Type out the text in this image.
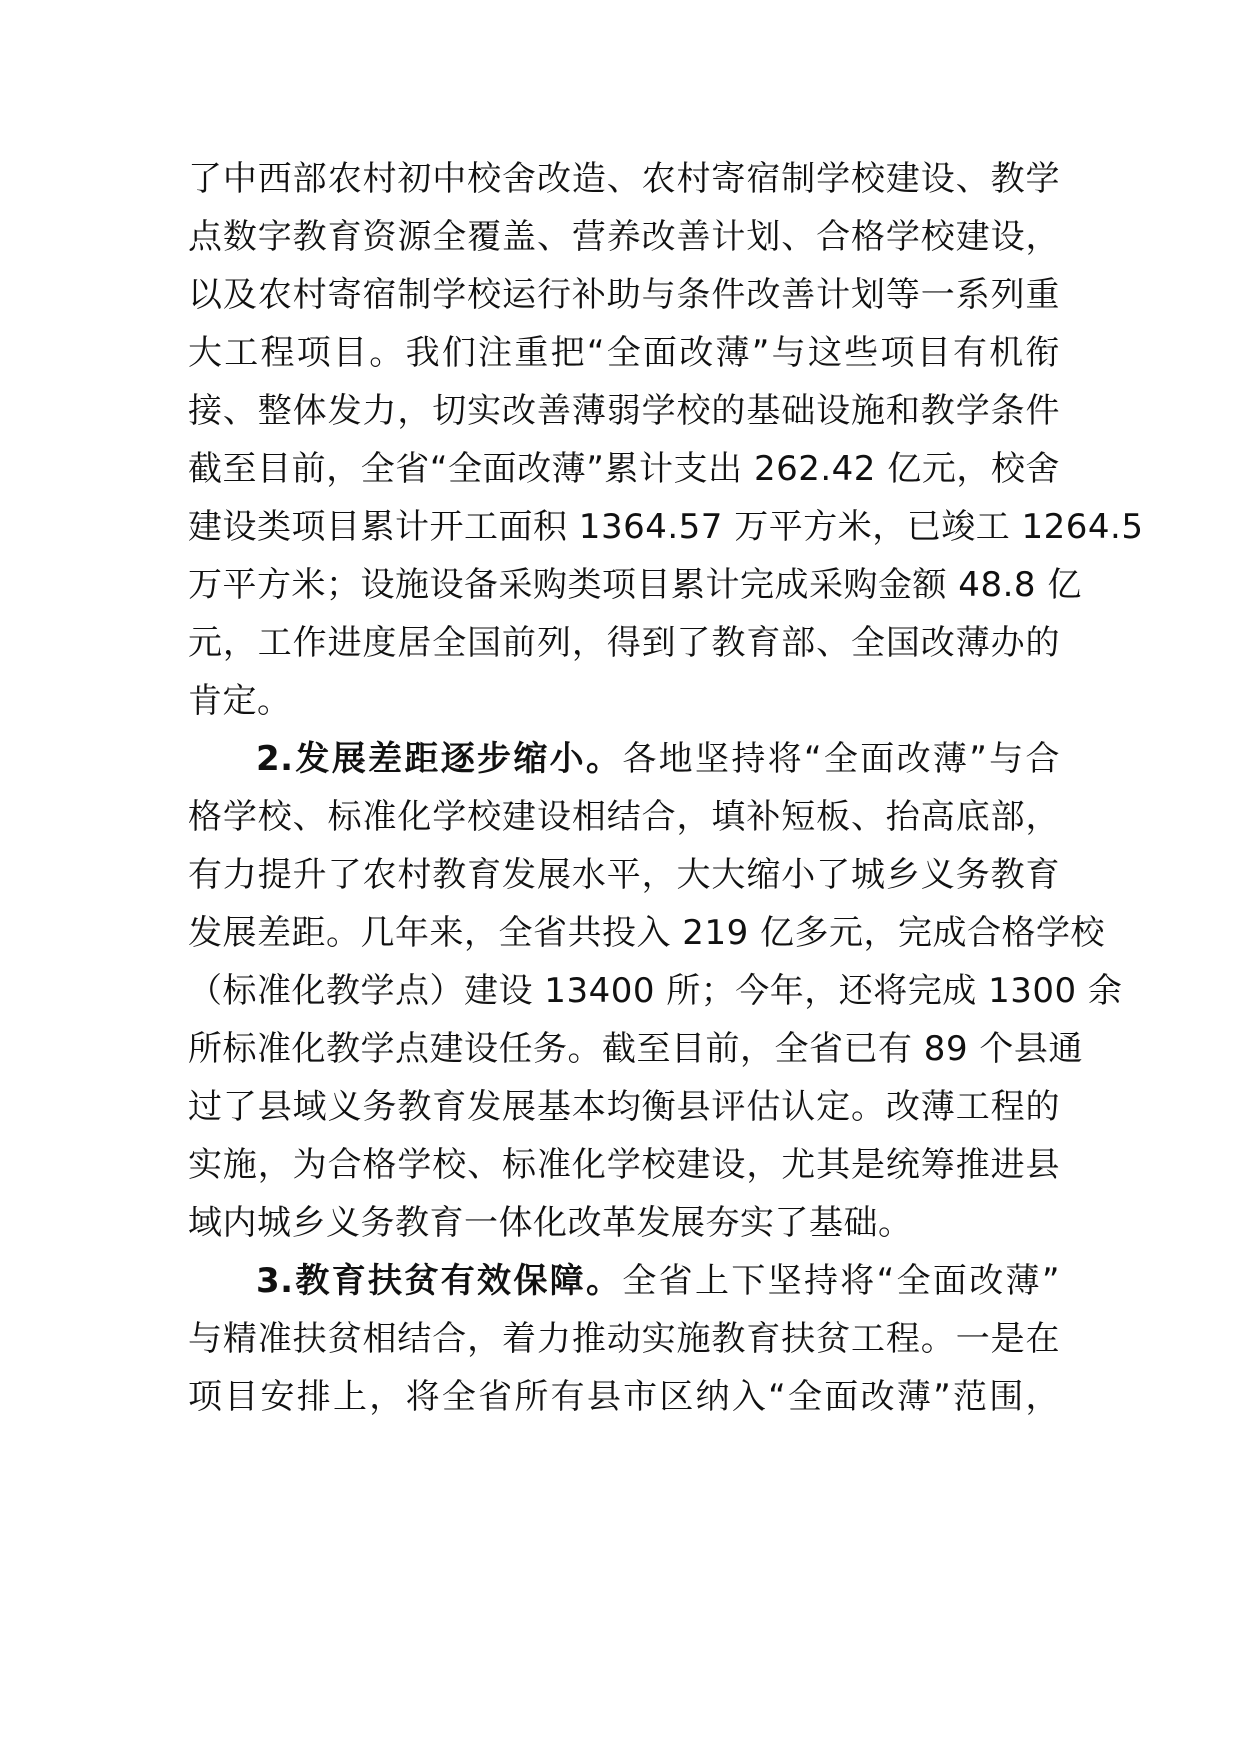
了中西部农村初中校舍改造、农村寄宿制学校建设、教学
点数字教育资源全覆盖、营养改善计划、合格学校建设，
以及农村寄宿制学校运行补助与条件改善计划等一系列重
大工程项目。我们注重把“全面改薄”与这些项目有机衔
接、整体发力，切实改善薄弱学校的基础设施和教学条件
截至目前，全省“全面改薄”累计支出 262.42 亿元，校舍
建设类项目累计开工面积 1364.57 万平方米，已竣工 1264.5
万平方米；设施设备采购类项目累计完成采购金额 48.8 亿
元，工作进度居全国前列，得到了教育部、全国改薄办的
肯定。
2.发展差距逐步缩小。各地坚持将“全面改薄”与合
格学校、标准化学校建设相结合，填补短板、抬高底部，
有力提升了农村教育发展水平，大大缩小了城乡义务教育
发展差距。几年来，全省共投入 219 亿多元，完成合格学校
（标准化教学点）建设 13400 所；今年，还将完成 1300 余
所标准化教学点建设任务。截至目前，全省已有 89 个县通
过了县域义务教育发展基本均衡县评估认定。改薄工程的
实施，为合格学校、标准化学校建设，尤其是统筹推进县
域内城乡义务教育一体化改革发展夯实了基础。
3.教育扶贫有效保障。全省上下坚持将“全面改薄”
与精准扶贫相结合，着力推动实施教育扶贫工程。一是在
项目安排上，将全省所有县市区纳入“全面改薄”范围，
